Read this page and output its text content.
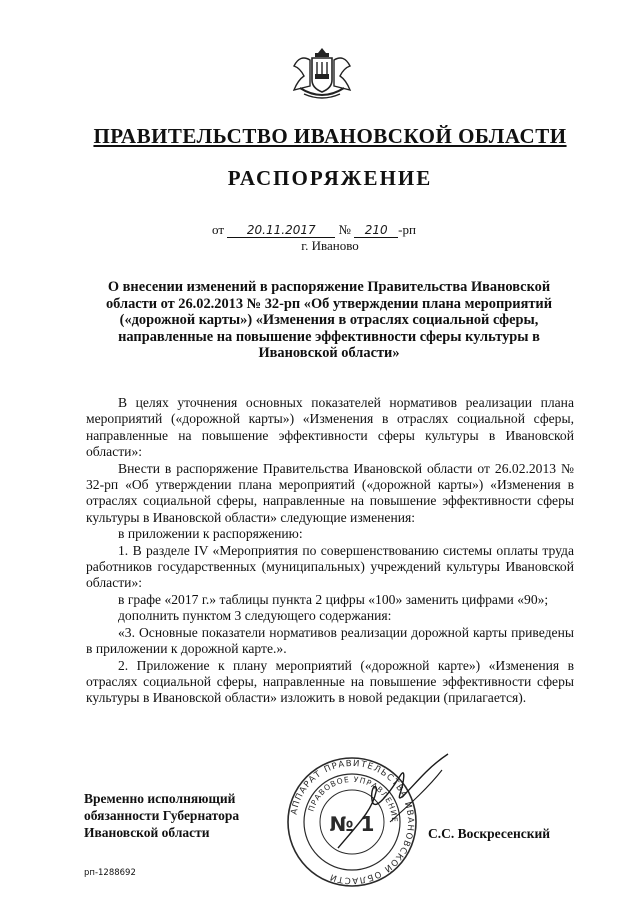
ПРАВИТЕЛЬСТВО ИВАНОВСКОЙ ОБЛАСТИ
РАСПОРЯЖЕНИЕ
от 20.11.2017 № 210 -рп
г. Иваново
О внесении изменений в распоряжение Правительства Ивановской области от 26.02.2013 № 32-рп «Об утверждении плана мероприятий («дорожной карты») «Изменения в отраслях социальной сферы, направленные на повышение эффективности сферы культуры в Ивановской области»

В целях уточнения основных показателей нормативов реализации плана мероприятий («дорожной карты») «Изменения в отраслях социальной сферы, направленные на повышение эффективности сферы культуры в Ивановской области»:

Внести в распоряжение Правительства Ивановской области от 26.02.2013 № 32-рп «Об утверждении плана мероприятий («дорожной карты») «Изменения в отраслях социальной сферы, направленные на повышение эффективности сферы культуры в Ивановской области» следующие изменения:

в приложении к распоряжению:

1. В разделе IV «Мероприятия по совершенствованию системы оплаты труда работников государственных (муниципальных) учреждений культуры Ивановской области»:

в графе «2017 г.» таблицы пункта 2 цифры «100» заменить цифрами «90»;

дополнить пунктом 3 следующего содержания:

«3. Основные показатели нормативов реализации дорожной карты приведены в приложении к дорожной карте.».

2. Приложение к плану мероприятий («дорожной карте») «Изменения в отраслях социальной сферы, направленные на повышение эффективности сферы культуры в Ивановской области» изложить в новой редакции (прилагается).

Временно исполняющий
обязанности Губернатора
Ивановской области
АППАРАТ ПРАВИТЕЛЬСТВА ИВАНОВСКОЙ ОБЛАСТИ
ПРАВОВОЕ УПРАВЛЕНИЕ
№ 1	С.С. Воскресенский
рп-1288692
